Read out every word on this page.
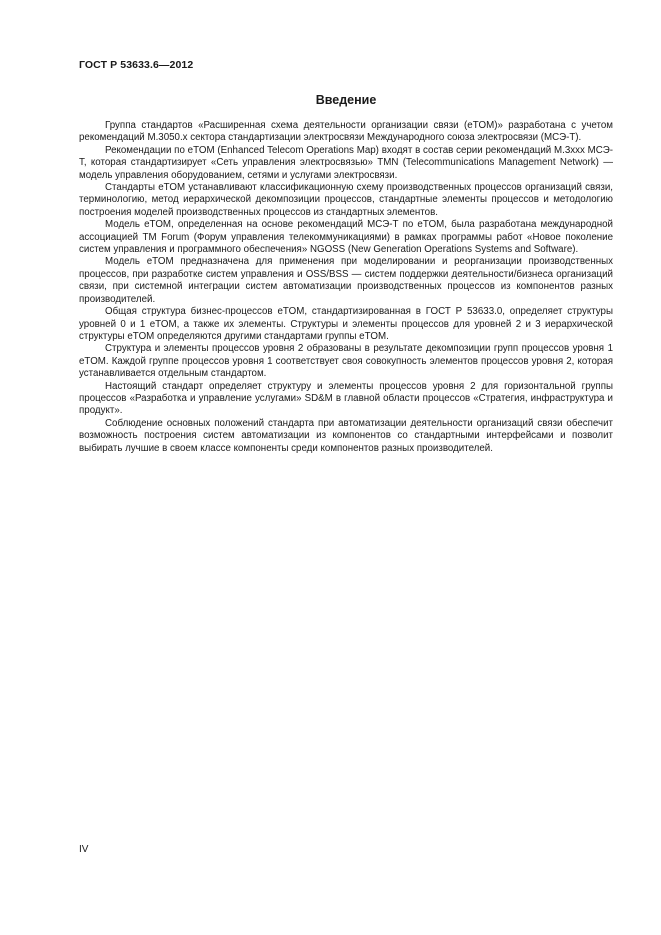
ГОСТ Р 53633.6—2012
Введение

Группа стандартов «Расширенная схема деятельности организации связи (eTOM)» разработана с учетом рекомендаций М.3050.х сектора стандартизации электросвязи Международного союза электросвязи (МСЭ-Т).

Рекомендации по eTOM (Enhanced Telecom Operations Map) входят в состав серии рекомендаций М.3ххх МСЭ-Т, которая стандартизирует «Сеть управления электросвязью» TMN (Telecommunications Management Network) — модель управления оборудованием, сетями и услугами электросвязи.

Стандарты eTOM устанавливают классификационную схему производственных процессов организаций связи, терминологию, метод иерархической декомпозиции процессов, стандартные элементы процессов и методологию построения моделей производственных процессов из стандартных элементов.

Модель eTOM, определенная на основе рекомендаций МСЭ-Т по eTOM, была разработана международной ассоциацией TM Forum (Форум управления телекоммуникациями) в рамках программы работ «Новое поколение систем управления и программного обеспечения» NGOSS (New Generation Operations Systems and Software).

Модель eTOM предназначена для применения при моделировании и реорганизации производственных процессов, при разработке систем управления и OSS/BSS — систем поддержки деятельности/бизнеса организаций связи, при системной интеграции систем автоматизации производственных процессов из компонентов разных производителей.

Общая структура бизнес-процессов eTOM, стандартизированная в ГОСТ Р 53633.0, определяет структуры уровней 0 и 1 eTOM, а также их элементы. Структуры и элементы процессов для уровней 2 и 3 иерархической структуры eTOM определяются другими стандартами группы eTOM.

Структура и элементы процессов уровня 2 образованы в результате декомпозиции групп процессов уровня 1 eTOM. Каждой группе процессов уровня 1 соответствует своя совокупность элементов процессов уровня 2, которая устанавливается отдельным стандартом.

Настоящий стандарт определяет структуру и элементы процессов уровня 2 для горизонтальной группы процессов «Разработка и управление услугами» SD&M в главной области процессов «Стратегия, инфраструктура и продукт».

Соблюдение основных положений стандарта при автоматизации деятельности организаций связи обеспечит возможность построения систем автоматизации из компонентов со стандартными интерфейсами и позволит выбирать лучшие в своем классе компоненты среди компонентов разных производителей.

IV
